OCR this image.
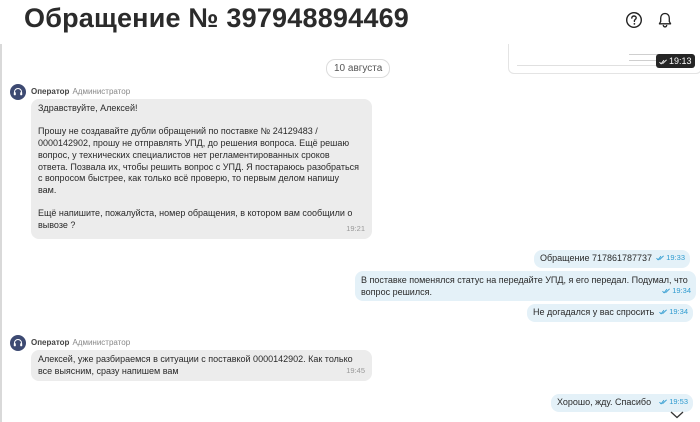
Обращение № 397948894469
19:13
10 августа
Оператор Администратор
Здравствуйте, Алексей!

Прошу не создавайте дубли обращений по поставке № 24129483 /
0000142902, прошу не отправлять УПД, до решения вопроса. Ещё решаю
вопрос, у технических специалистов нет регламентированных сроков
ответа. Позвала их, чтобы решить вопрос с УПД. Я постараюсь разобраться
с вопросом быстрее, как только всё проверю, то первым делом напишу
вам.

Ещё напишите, пожалуйста, номер обращения, в котором вам сообщили о
вывозе ?	19:21
Обращение 717861787737	19:33
В поставке поменялся статус на передайте УПД, я его передал. Подумал, что
вопрос решился.	19:34
Не догадался у вас спросить	19:34
Оператор Администратор
Алексей, уже разбираемся в ситуации с поставкой 0000142902. Как только
все выясним, сразу напишем вам	19:45
Хорошо, жду. Спасибо	19:53
